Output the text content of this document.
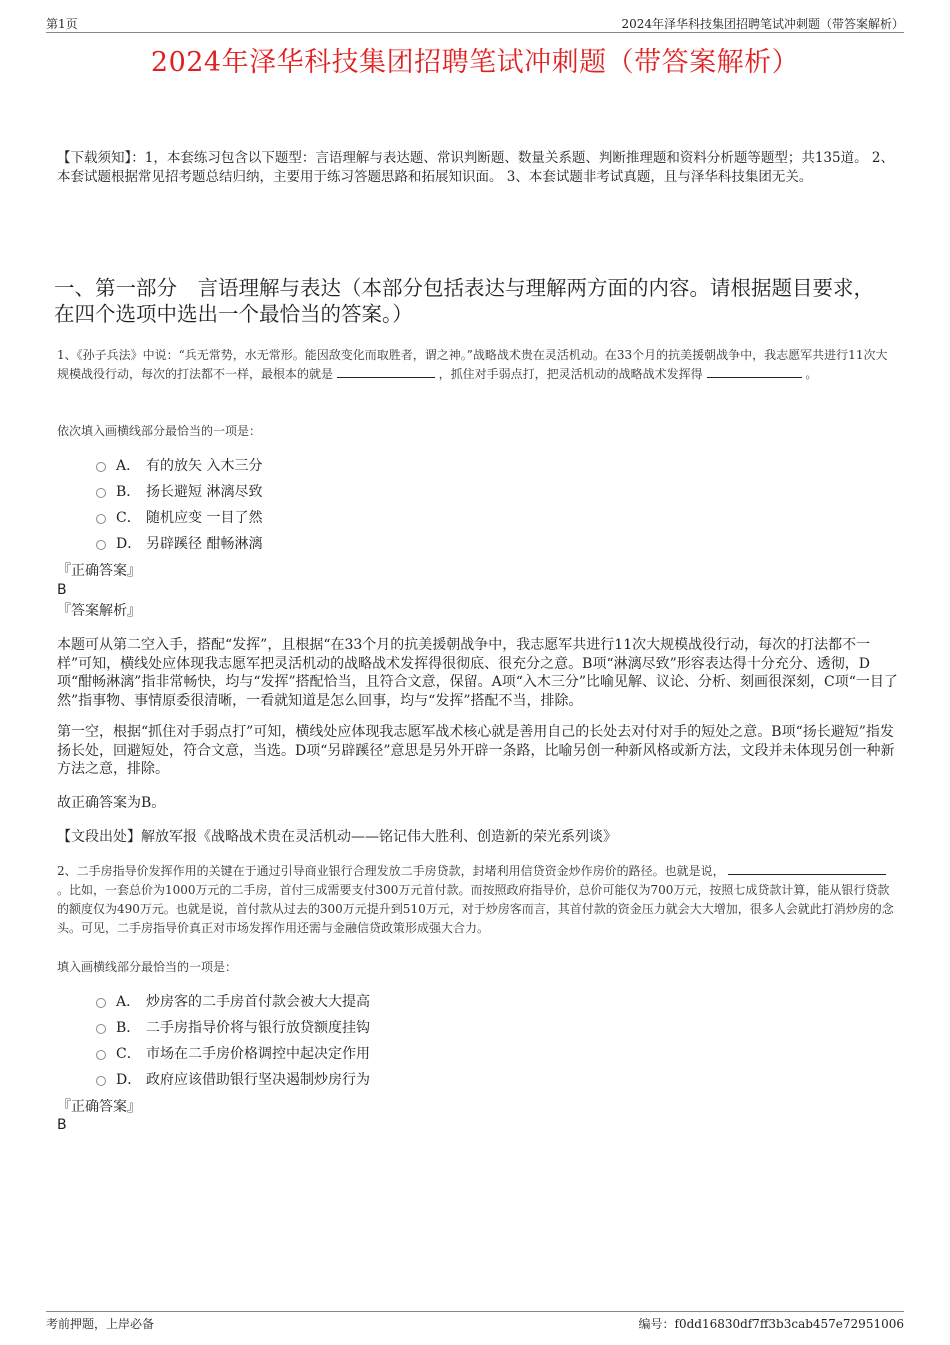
第1页	2024年泽华科技集团招聘笔试冲刺题（带答案解析）
2024年泽华科技集团招聘笔试冲刺题（带答案解析）
【下载须知】：1，本套练习包含以下题型：言语理解与表达题、常识判断题、数量关系题、判断推理题和资料分析题等题型；共135道。 2、本套试题根据常见招考题总结归纳，主要用于练习答题思路和拓展知识面。 3、本套试题非考试真题，且与泽华科技集团无关。
一、第一部分　言语理解与表达（本部分包括表达与理解两方面的内容。请根据题目要求，在四个选项中选出一个最恰当的答案。）
1、《孙子兵法》中说：“兵无常势，水无常形。能因敌变化而取胜者，谓之神。”战略战术贵在灵活机动。在33个月的抗美援朝战争中，我志愿军共进行11次大规模战役行动，每次的打法都不一样，最根本的就是	，抓住对手弱点打，把灵活机动的战略战术发挥得	。
依次填入画横线部分最恰当的一项是：
A． 有的放矢 入木三分
B． 扬长避短 淋漓尽致
C． 随机应变 一目了然
D． 另辟蹊径 酣畅淋漓
『正确答案』
B
『答案解析』
本题可从第二空入手，搭配“发挥”，且根据“在33个月的抗美援朝战争中，我志愿军共进行11次大规模战役行动，每次的打法都不一样”可知，横线处应体现我志愿军把灵活机动的战略战术发挥得很彻底、很充分之意。B项“淋漓尽致”形容表达得十分充分、透彻，D项“酣畅淋漓”指非常畅快，均与“发挥”搭配恰当，且符合文意，保留。A项“入木三分”比喻见解、议论、分析、刻画很深刻，C项“一目了然”指事物、事情原委很清晰，一看就知道是怎么回事，均与“发挥”搭配不当，排除。
第一空，根据“抓住对手弱点打”可知，横线处应体现我志愿军战术核心就是善用自己的长处去对付对手的短处之意。B项“扬长避短”指发扬长处，回避短处，符合文意，当选。D项“另辟蹊径”意思是另外开辟一条路，比喻另创一种新风格或新方法，文段并未体现另创一种新方法之意，排除。
故正确答案为B。
【文段出处】解放军报《战略战术贵在灵活机动——铭记伟大胜利、创造新的荣光系列谈》
2、二手房指导价发挥作用的关键在于通过引导商业银行合理发放二手房贷款，封堵利用信贷资金炒作房价的路径。也就是说，  。比如，一套总价为1000万元的二手房，首付三成需要支付300万元首付款。而按照政府指导价，总价可能仅为700万元，按照七成贷款计算，能从银行贷款的额度仅为490万元。也就是说，首付款从过去的300万元提升到510万元，对于炒房客而言，其首付款的资金压力就会大大增加，很多人会就此打消炒房的念头。可见，二手房指导价真正对市场发挥作用还需与金融信贷政策形成强大合力。
填入画横线部分最恰当的一项是：
A． 炒房客的二手房首付款会被大大提高
B． 二手房指导价将与银行放贷额度挂钩
C． 市场在二手房价格调控中起决定作用
D． 政府应该借助银行坚决遏制炒房行为
『正确答案』
B
考前押题，上岸必备	编号：f0dd16830df7ff3b3cab457e72951006
